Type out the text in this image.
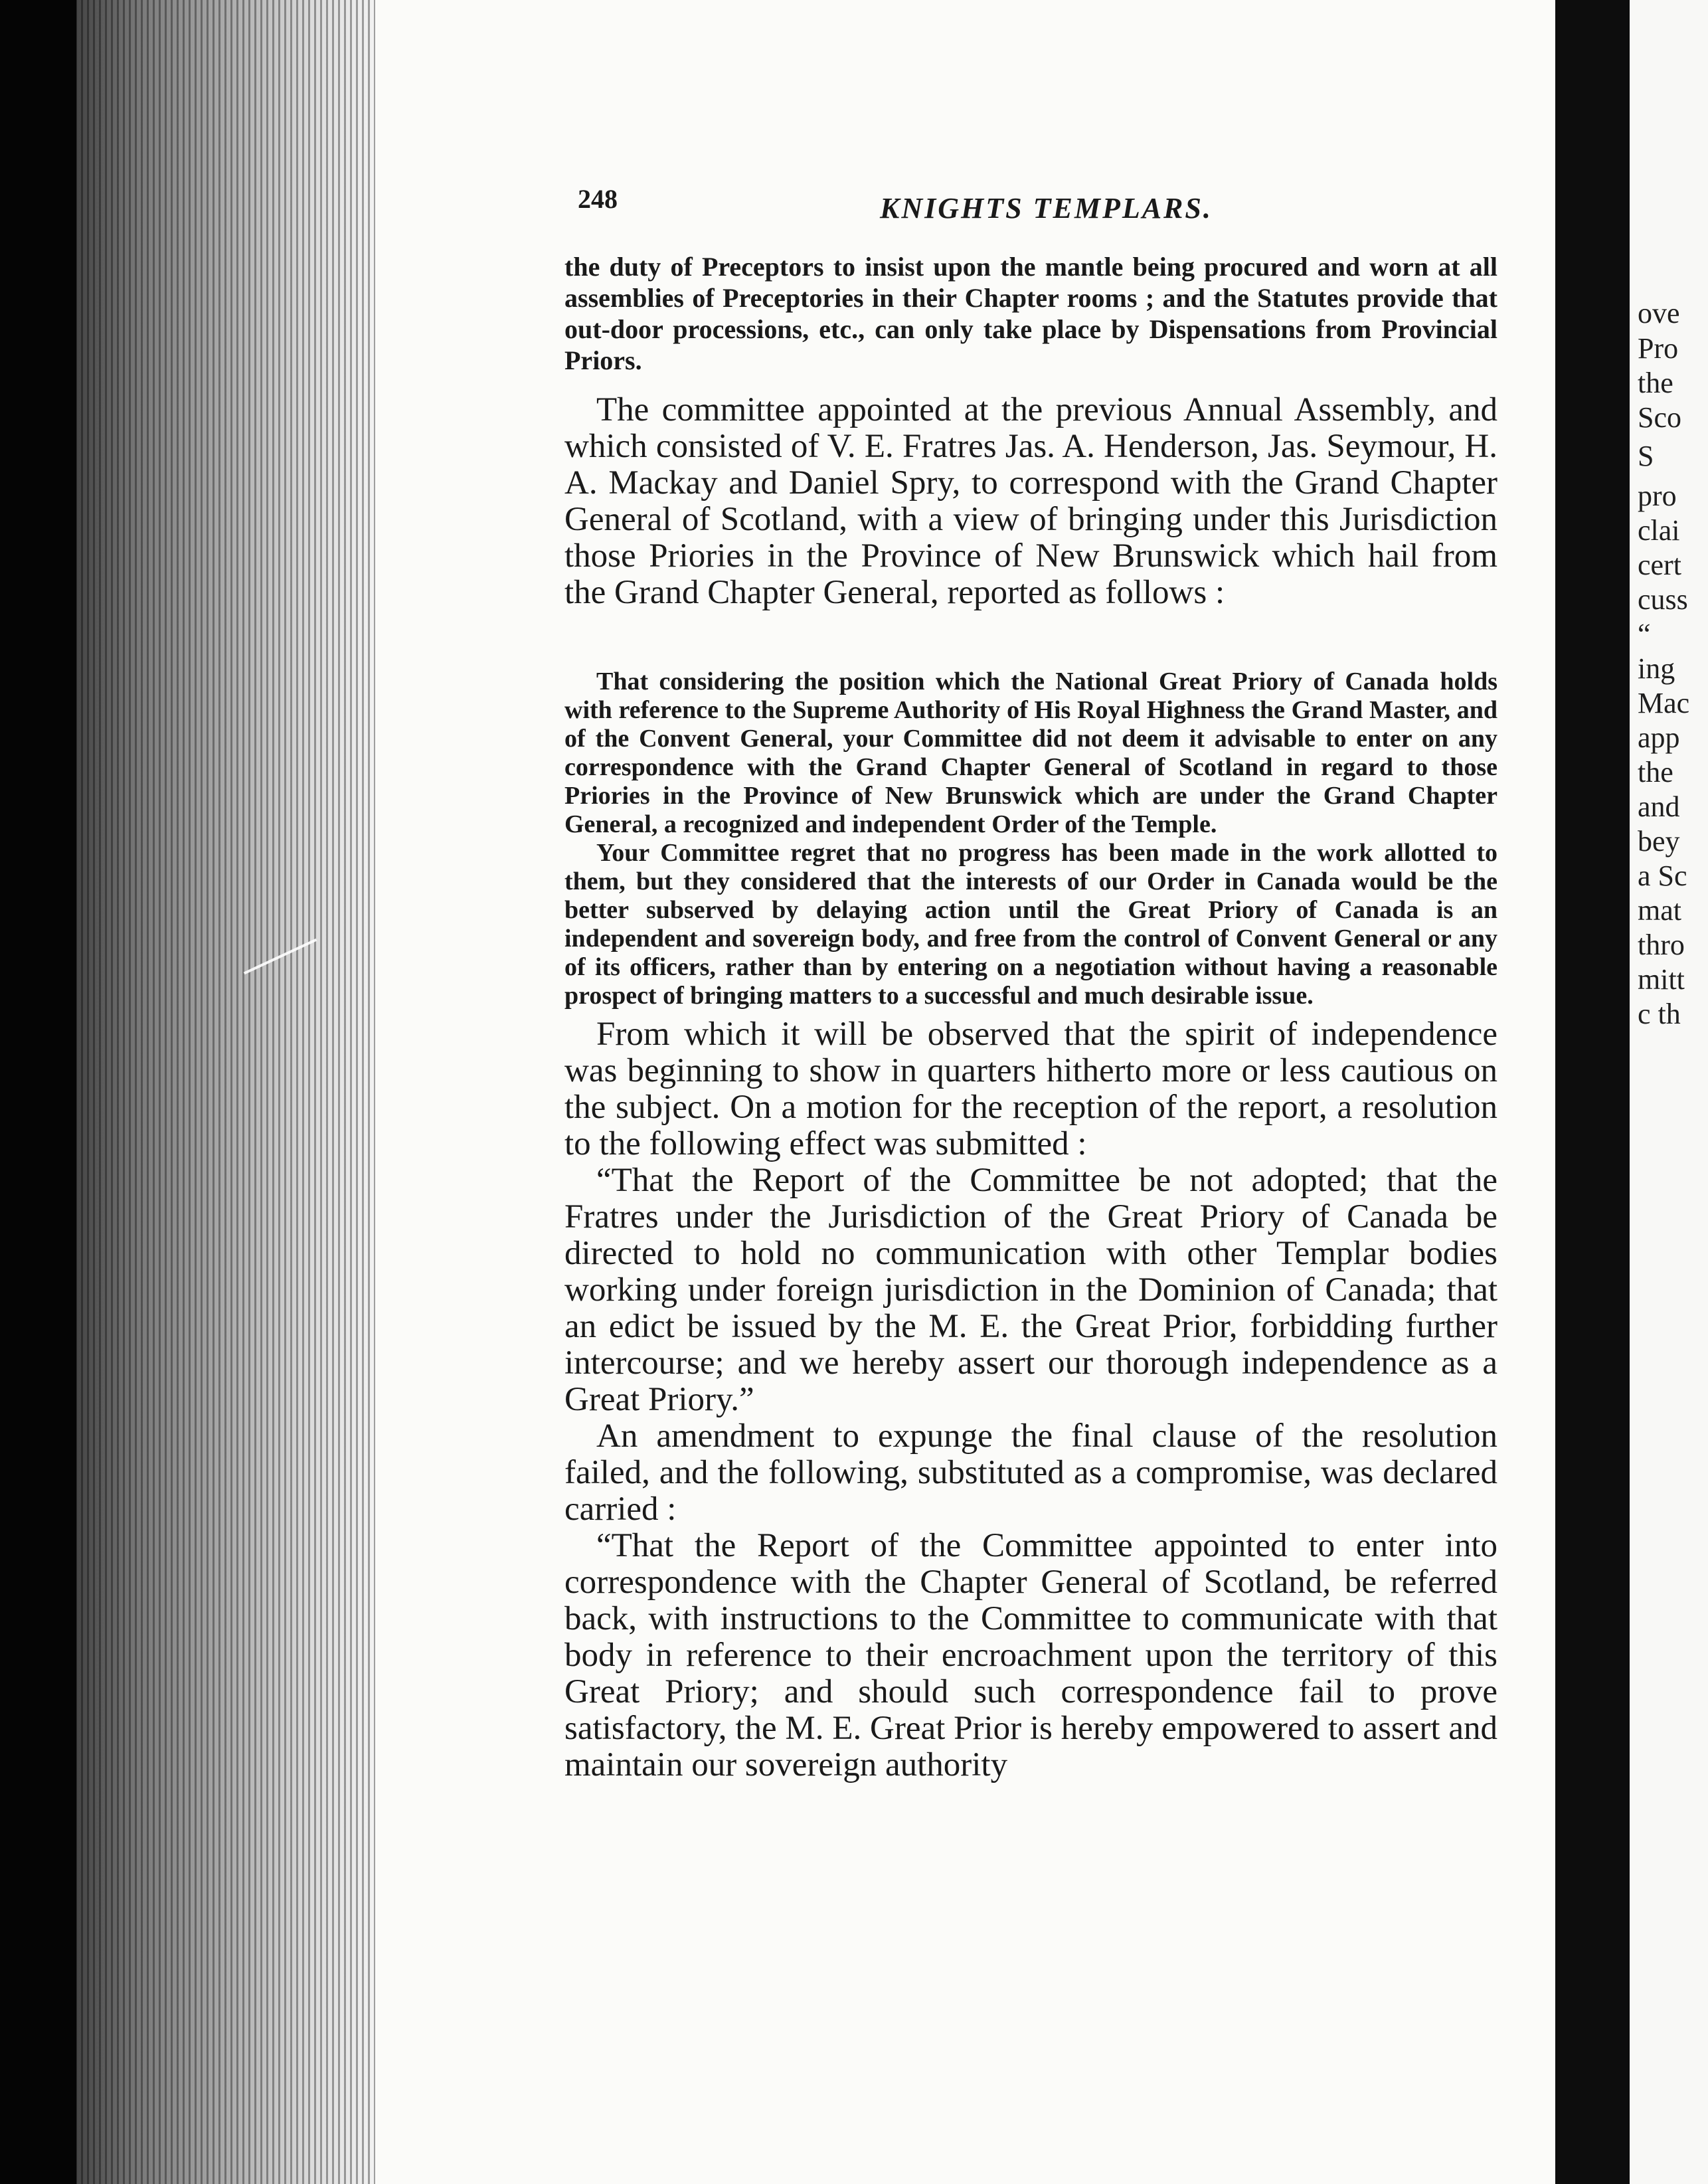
248	KNIGHTS TEMPLARS.

the duty of Preceptors to insist upon the mantle being procured and worn at all assemblies of Preceptories in their Chapter rooms ; and the Statutes provide that out-door processions, etc., can only take place by Dispensations from Provincial Priors.

The committee appointed at the previous Annual Assembly, and which consisted of V. E. Fratres Jas. A. Henderson, Jas. Seymour, H. A. Mackay and Daniel Spry, to correspond with the Grand Chapter General of Scotland, with a view of bringing under this Jurisdiction those Priories in the Province of New Brunswick which hail from the Grand Chapter General, reported as follows :

That considering the position which the National Great Priory of Canada holds with reference to the Supreme Authority of His Royal Highness the Grand Master, and of the Convent General, your Committee did not deem it advisable to enter on any correspondence with the Grand Chapter General of Scotland in regard to those Priories in the Province of New Brunswick which are under the Grand Chapter General, a recognized and independent Order of the Temple.

Your Committee regret that no progress has been made in the work allotted to them, but they considered that the interests of our Order in Canada would be the better subserved by delaying action until the Great Priory of Canada is an independent and sovereign body, and free from the control of Convent General or any of its officers, rather than by entering on a negotiation without having a reasonable prospect of bringing matters to a successful and much desirable issue.

From which it will be observed that the spirit of independence was beginning to show in quarters hitherto more or less cautious on the subject. On a motion for the reception of the report, a resolution to the following effect was submitted :

“That the Report of the Committee be not adopted; that the Fratres under the Jurisdiction of the Great Priory of Canada be directed to hold no communication with other Templar bodies working under foreign jurisdiction in the Dominion of Canada; that an edict be issued by the M. E. the Great Prior, forbidding further intercourse; and we hereby assert our thorough independence as a Great Priory.”

An amendment to expunge the final clause of the resolution failed, and the following, substituted as a compromise, was declared carried :

“That the Report of the Committee appointed to enter into correspondence with the Chapter General of Scotland, be referred back, with instructions to the Committee to communicate with that body in reference to their encroachment upon the territory of this Great Priory; and should such correspondence fail to prove satisfactory, the M. E. Great Prior is hereby empowered to assert and maintain our sovereign authority

ove
Pro
the
Sco
S
pro
clai
cert
cuss
“
ing
Mac
app
the
and
bey
a Sc
mat
thro
mitt
c th
